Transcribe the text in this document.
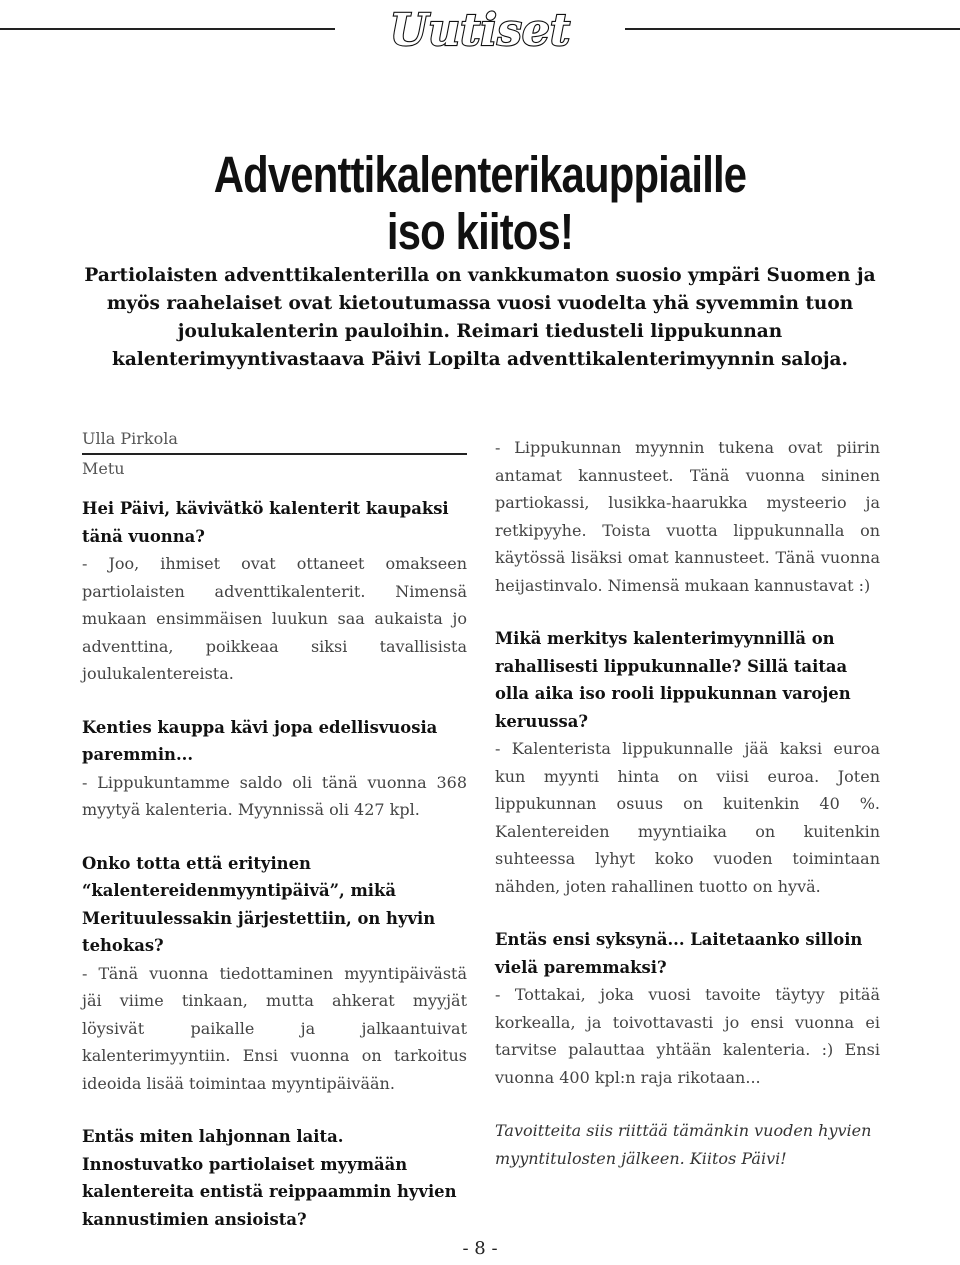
Uutiset
Adventtikalenterikauppiaille
iso kiitos!

Partiolaisten adventtikalenterilla on vankkumaton suosio ympäri Suomen ja myös raahelaiset ovat kietoutumassa vuosi vuodelta yhä syvemmin tuon joulukalenterin pauloihin. Reimari tiedusteli lippukunnan kalenterimyyntivastaava Päivi Lopilta adventtikalenterimyynnin saloja.

Ulla Pirkola
Metu

Hei Päivi, kävivätkö kalenterit kaupaksi tänä vuonna?

- Joo, ihmiset ovat ottaneet omakseen partiolaisten adventtikalenterit. Nimensä mukaan ensimmäisen luukun saa aukaista jo adventtina, poikkeaa siksi tavallisista joulukalentereista.

Kenties kauppa kävi jopa edellisvuosia paremmin...

- Lippukuntamme saldo oli tänä vuonna 368 myytyä kalenteria. Myynnissä oli 427 kpl.

Onko totta että erityinen “kalentereidenmyyntipäivä”, mikä Merituulessakin järjestettiin, on hyvin tehokas?

- Tänä vuonna tiedottaminen myyntipäivästä jäi viime tinkaan, mutta ahkerat myyjät löysivät paikalle ja jalkaantuivat kalenterimyyntiin. Ensi vuonna on tarkoitus ideoida lisää toimintaa myyntipäivään.

Entäs miten lahjonnan laita. Innostuvatko partiolaiset myymään kalentereita entistä reippaammin hyvien kannustimien ansioista?

- Lippukunnan myynnin tukena ovat piirin antamat kannusteet. Tänä vuonna sininen partiokassi, lusikka-haarukka mysteerio ja retkipyyhe. Toista vuotta lippukunnalla on käytössä lisäksi omat kannusteet. Tänä vuonna heijastinvalo. Nimensä mukaan kannustavat :)

Mikä merkitys kalenterimyynnillä on rahallisesti lippukunnalle? Sillä taitaa olla aika iso rooli lippukunnan varojen keruussa?

- Kalenterista lippukunnalle jää kaksi euroa kun myynti hinta on viisi euroa. Joten lippukunnan osuus on kuitenkin 40 %. Kalentereiden myyntiaika on kuitenkin suhteessa lyhyt koko vuoden toimintaan nähden, joten rahallinen tuotto on hyvä.

Entäs ensi syksynä... Laitetaanko silloin vielä paremmaksi?

- Tottakai, joka vuosi tavoite täytyy pitää korkealla, ja toivottavasti jo ensi vuonna ei tarvitse palauttaa yhtään kalenteria. :) Ensi vuonna 400 kpl:n raja rikotaan...

Tavoitteita siis riittää tämänkin vuoden hyvien myyntitulosten jälkeen. Kiitos Päivi!

- 8 -
